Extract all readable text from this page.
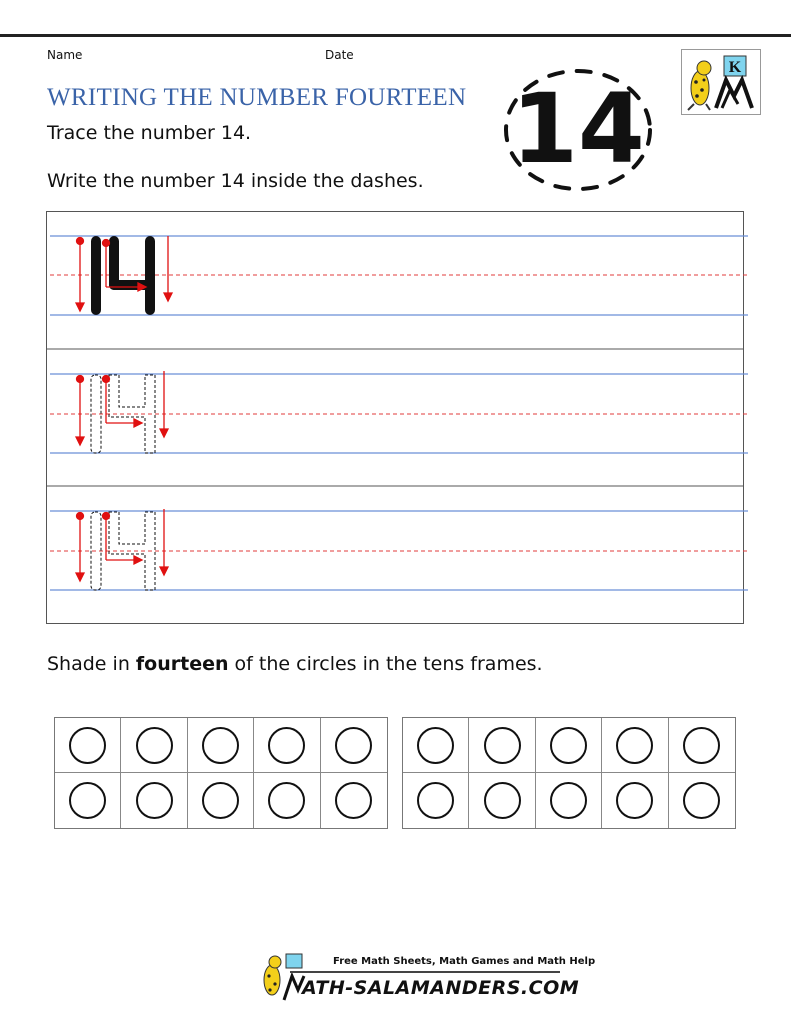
Name	Date
WRITING THE NUMBER FOURTEEN
Trace the number 14.
Write the number 14 inside the dashes. 14
K
Shade in fourteen of the circles in the tens frames.
Free Math Sheets, Math Games and Math Help
ATH-SALAMANDERS.COM
